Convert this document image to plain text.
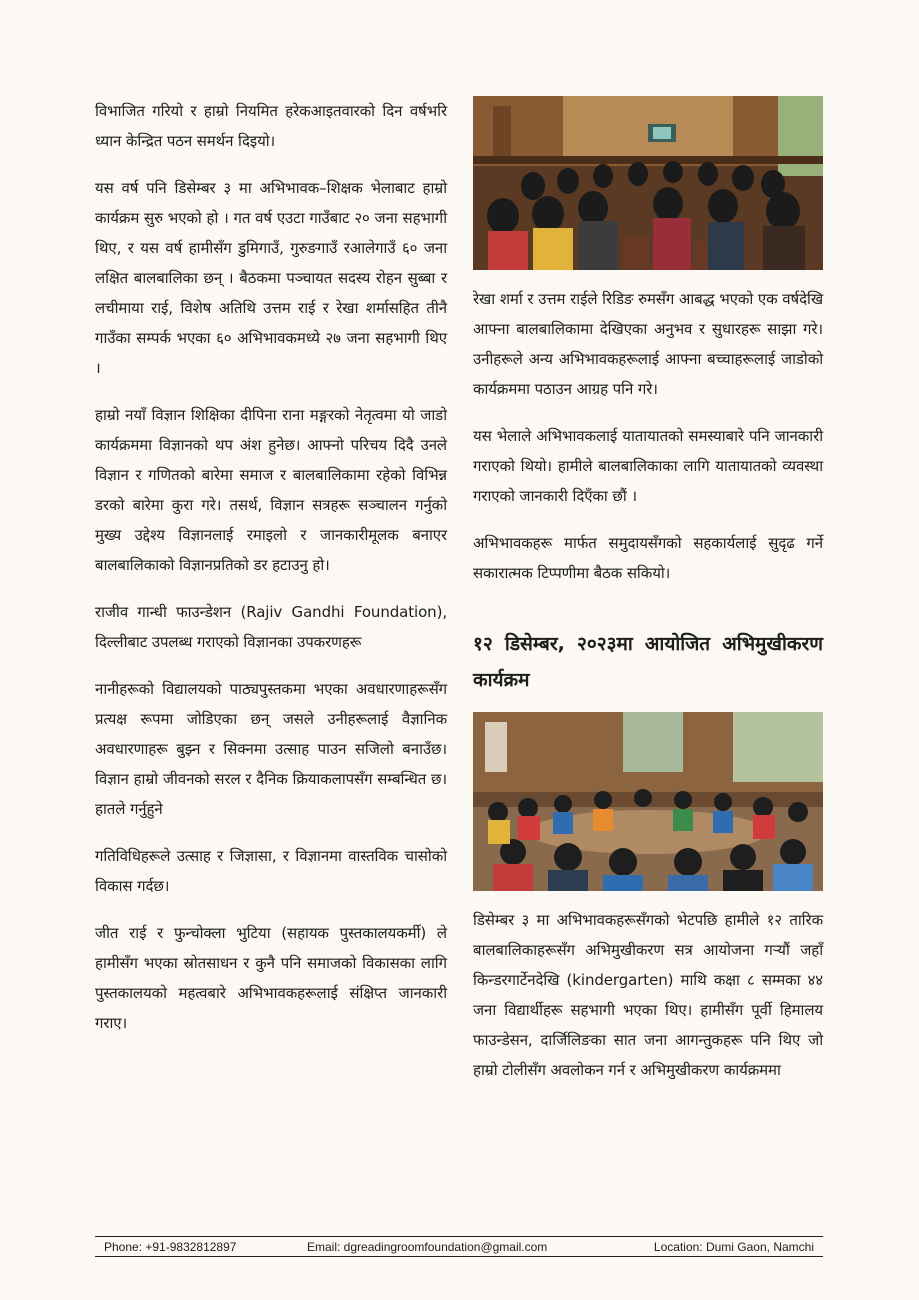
विभाजित गरियो र हाम्रो नियमित हरेकआइतवारको दिन वर्षभरि ध्यान केन्द्रित पठन समर्थन दिइयो।

यस वर्ष पनि डिसेम्बर ३ मा अभिभावक–शिक्षक भेलाबाट हाम्रो कार्यक्रम सुरु भएको हो । गत वर्ष एउटा गाउँबाट २० जना सहभागी थिए, र यस वर्ष हामीसँग डुमिगाउँ, गुरुङगाउँ रआलेगाउँ ६० जना लक्षित बालबालिका छन् । बैठकमा पञ्चायत सदस्य रोहन सुब्बा र लचीमाया राई, विशेष अतिथि उत्तम राई र रेखा शर्मासहित तीनै गाउँका सम्पर्क भएका ६० अभिभावकमध्ये २७ जना सहभागी थिए ।

हाम्रो नयाँ विज्ञान शिक्षिका दीपिना राना मङ्गरको नेतृत्वमा यो जाडो कार्यक्रममा विज्ञानको थप अंश हुनेछ। आफ्नो परिचय दिदै उनले विज्ञान र गणितको बारेमा समाज र बालबालिकामा रहेको विभिन्न डरको बारेमा कुरा गरे। तसर्थ, विज्ञान सत्रहरू सञ्चालन गर्नुको मुख्य उद्देश्य विज्ञानलाई रमाइलो र जानकारीमूलक बनाएर बालबालिकाको विज्ञानप्रतिको डर हटाउनु हो।

राजीव गान्धी फाउन्डेशन (Rajiv Gandhi Foundation), दिल्लीबाट उपलब्ध गराएको विज्ञानका उपकरणहरू

नानीहरूको विद्यालयको पाठ्यपुस्तकमा भएका अवधारणाहरूसँग प्रत्यक्ष रूपमा जोडिएका छन् जसले उनीहरूलाई वैज्ञानिक अवधारणाहरू बुझ्न र सिक्नमा उत्साह पाउन सजिलो बनाउँछ। विज्ञान हाम्रो जीवनको सरल र दैनिक क्रियाकलापसँग सम्बन्धित छ।हातले गर्नुहुने

गतिविधिहरूले उत्साह र जिज्ञासा, र विज्ञानमा वास्तविक चासोको विकास गर्दछ।

जीत राई र फुन्चोक्ला भुटिया (सहायक पुस्तकालयकर्मी) ले हामीसँग भएका स्रोतसाधन र कुनै पनि समाजको विकासका लागि पुस्तकालयको महत्वबारे अभिभावकहरूलाई संक्षिप्त जानकारी गराए।

रेखा शर्मा र उत्तम राईले रिडिङ रुमसँग आबद्ध भएको एक वर्षदेखि आफ्ना बालबालिकामा देखिएका अनुभव र सुधारहरू साझा गरे। उनीहरूले अन्य अभिभावकहरूलाई आफ्ना बच्चाहरूलाई जाडोको कार्यक्रममा पठाउन आग्रह पनि गरे।

यस भेलाले अभिभावकलाई यातायातको समस्याबारे पनि जानकारी गराएको थियो। हामीले बालबालिकाका लागि यातायातको व्यवस्था गराएको जानकारी दिएँका छौं ।

अभिभावकहरू मार्फत समुदायसँगको सहकार्यलाई सुदृढ गर्ने सकारात्मक टिप्पणीमा बैठक सकियो।

१२ डिसेम्बर, २०२३मा आयोजित अभिमुखीकरण कार्यक्रम

डिसेम्बर ३ मा अभिभावकहरूसँगको भेटपछि हामीले १२ तारिक बालबालिकाहरूसँग अभिमुखीकरण सत्र आयोजना गऱ्यौं जहाँ किन्डरगार्टेनदेखि (kindergarten) माथि कक्षा ८ सम्मका ४४ जना विद्यार्थीहरू सहभागी भएका थिए। हामीसँग पूर्वी हिमालय फाउन्डेसन, दार्जिलिङका सात जना आगन्तुकहरू पनि थिए जो हाम्रो टोलीसँग अवलोकन गर्न र अभिमुखीकरण कार्यक्रममा

Phone: +91-9832812897	Email: dgreadingroomfoundation@gmail.com	Location: Dumi Gaon, Namchi
